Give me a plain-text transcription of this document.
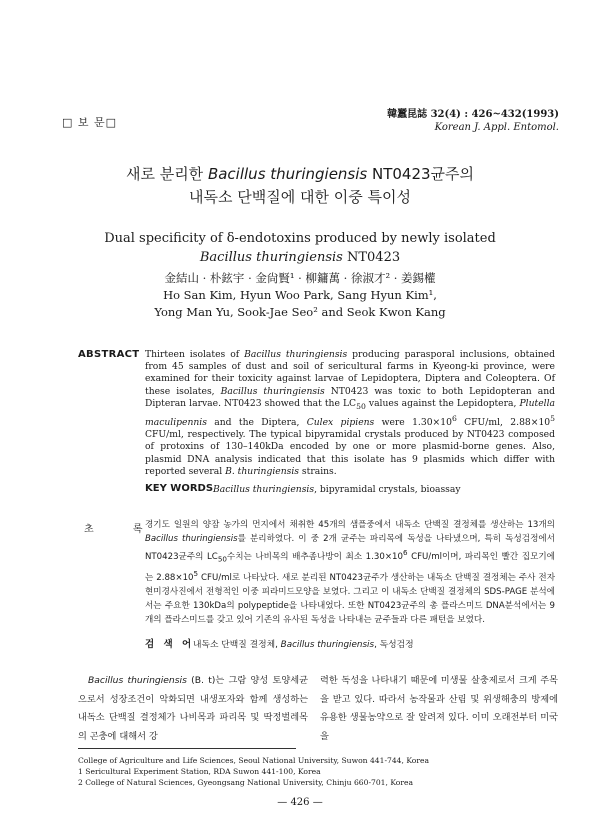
□ 보 문□
韓蠶昆誌 32(4) : 426~432(1993)
Korean J. Appl. Entomol.
새로 분리한 Bacillus thuringiensis NT0423균주의
내독소 단백질에 대한 이중 특이성
Dual specificity of δ-endotoxins produced by newly isolated
Bacillus thuringiensis NT0423
金結山 · 朴鉉宇 · 金尙賢¹ · 柳鏞萬 · 徐淑才² · 姜錫權
Ho San Kim, Hyun Woo Park, Sang Hyun Kim¹,
Yong Man Yu, Sook-Jae Seo² and Seok Kwon Kang
ABSTRACT Thirteen isolates of Bacillus thuringiensis producing parasporal inclusions, obtained from 45 samples of dust and soil of sericultural farms in Kyeong-ki province, were examined for their toxicity against larvae of Lepidoptera, Diptera and Coleoptera. Of these isolates, Bacillus thuringiensis NT0423 was toxic to both Lepidopteran and Dipteran larvae. NT0423 showed that the $LC_{50}$ values against the Lepidoptera, Plutella maculipennis and the Diptera, Culex pipiens were $1.30\times 10^6$ CFU/ml, $2.88\times 10^5$ CFU/ml, respectively. The typical bipyramidal crystals produced by NT0423 composed of protoxins of 130–140kDa encoded by one or more plasmid-borne genes. Also, plasmid DNA analysis indicated that this isolate has 9 plasmids which differ with reported several B. thuringiensis strains.

KEY WORDS Bacillus thuringiensis, bipyramidal crystals, bioassay
초 록

경기도 일원의 양잠 농가의 먼지에서 채취한 45개의 샘플중에서 내독소 단백질 결정체를 생산하는 13개의 Bacillus thuringiensis를 분리하였다. 이 중 2개 균주는 파리목에 독성을 나타냈으며, 특히 독성검정에서 NT0423균주의 $LC_{50}$수치는 나비목의 배추좀나방이 최소 $1.30\times 10^6$ CFU/ml이며, 파리목인 빨간 집모기에는 $2.88\times 10^5$ CFU/ml로 나타났다. 새로 분리된 NT0423균주가 생산하는 내독소 단백질 결정체는 주사 전자현미경사진에서 전형적인 이중 피라미드모양을 보였다. 그리고 이 내독소 단백질 결정체의 SDS-PAGE 분석에서는 주요한 130kDa의 polypeptide을 나타내었다. 또한 NT0423균주의 총 플라스미드 DNA분석에서는 9개의 플라스미드를 갖고 있어 기존의 유사된 독성을 나타내는 균주들과 다른 패턴을 보였다.

검 색 어
내독소 단백질 결정체, Bacillus thuringiensis, 독성검정

Bacillus thuringiensis (B. t)는 그람 양성 토양세균으로서 성장조건이 악화되면 내생포자와 함께 생성하는 내독소 단백질 결정체가 나비목과 파리목 및 딱정벌레목의 곤충에 대해서 강

력한 독성을 나타내기 때문에 미생물 살충제로서 크게 주목을 받고 있다. 따라서 농작물과 산림 및 위생해충의 방제에 유용한 생물농약으로 잘 알려져 있다. 이미 오래전부터 미국을

College of Agriculture and Life Sciences, Seoul National University, Suwon 441-744, Korea
1 Sericultural Experiment Station, RDA Suwon 441-100, Korea
2 College of Natural Sciences, Gyeongsang National University, Chinju 660-701, Korea
— 426 —
